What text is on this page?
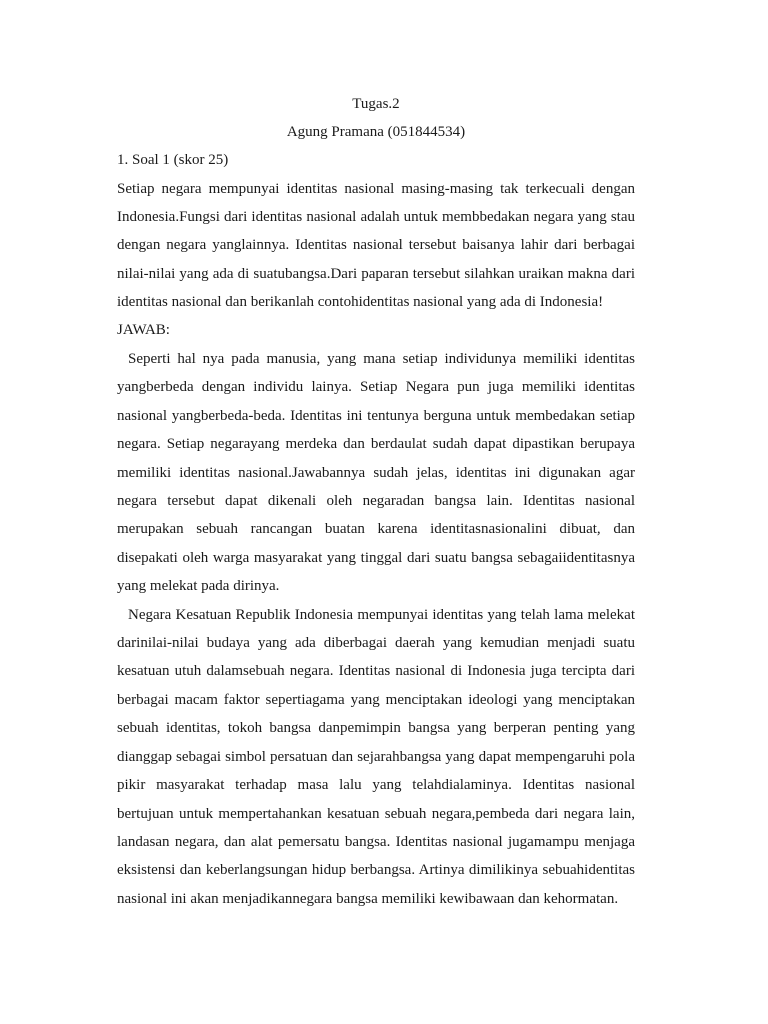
Tugas.2
Agung Pramana (051844534)
1. Soal 1 (skor 25)

Setiap negara mempunyai identitas nasional masing-masing tak terkecuali dengan Indonesia.Fungsi dari identitas nasional adalah untuk membbedakan negara yang stau dengan negara yanglainnya. Identitas nasional tersebut baisanya lahir dari berbagai nilai-nilai yang ada di suatubangsa.Dari paparan tersebut silahkan uraikan makna dari identitas nasional dan berikanlah contohidentitas nasional yang ada di Indonesia!

JAWAB:

Seperti hal nya pada manusia, yang mana setiap individunya memiliki identitas yangberbeda dengan individu lainya. Setiap Negara pun juga memiliki identitas nasional yangberbeda-beda. Identitas ini tentunya berguna untuk membedakan setiap negara. Setiap negarayang merdeka dan berdaulat sudah dapat dipastikan berupaya memiliki identitas nasional.Jawabannya sudah jelas, identitas ini digunakan agar negara tersebut dapat dikenali oleh negaradan bangsa lain. Identitas nasional merupakan sebuah rancangan buatan karena identitasnasionalini dibuat, dan disepakati oleh warga masyarakat yang tinggal dari suatu bangsa sebagaiidentitasnya yang melekat pada dirinya.

Negara Kesatuan Republik Indonesia mempunyai identitas yang telah lama melekat darinilai-nilai budaya yang ada diberbagai daerah yang kemudian menjadi suatu kesatuan utuh dalamsebuah negara. Identitas nasional di Indonesia juga tercipta dari berbagai macam faktor sepertiagama yang menciptakan ideologi yang menciptakan sebuah identitas, tokoh bangsa danpemimpin bangsa yang berperan penting yang dianggap sebagai simbol persatuan dan sejarahbangsa yang dapat mempengaruhi pola pikir masyarakat terhadap masa lalu yang telahdialaminya. Identitas nasional bertujuan untuk mempertahankan kesatuan sebuah negara,pembeda dari negara lain, landasan negara, dan alat pemersatu bangsa. Identitas nasional jugamampu menjaga eksistensi dan keberlangsungan hidup berbangsa. Artinya dimilikinya sebuahidentitas nasional ini akan menjadikannegara bangsa memiliki kewibawaan dan kehormatan.
